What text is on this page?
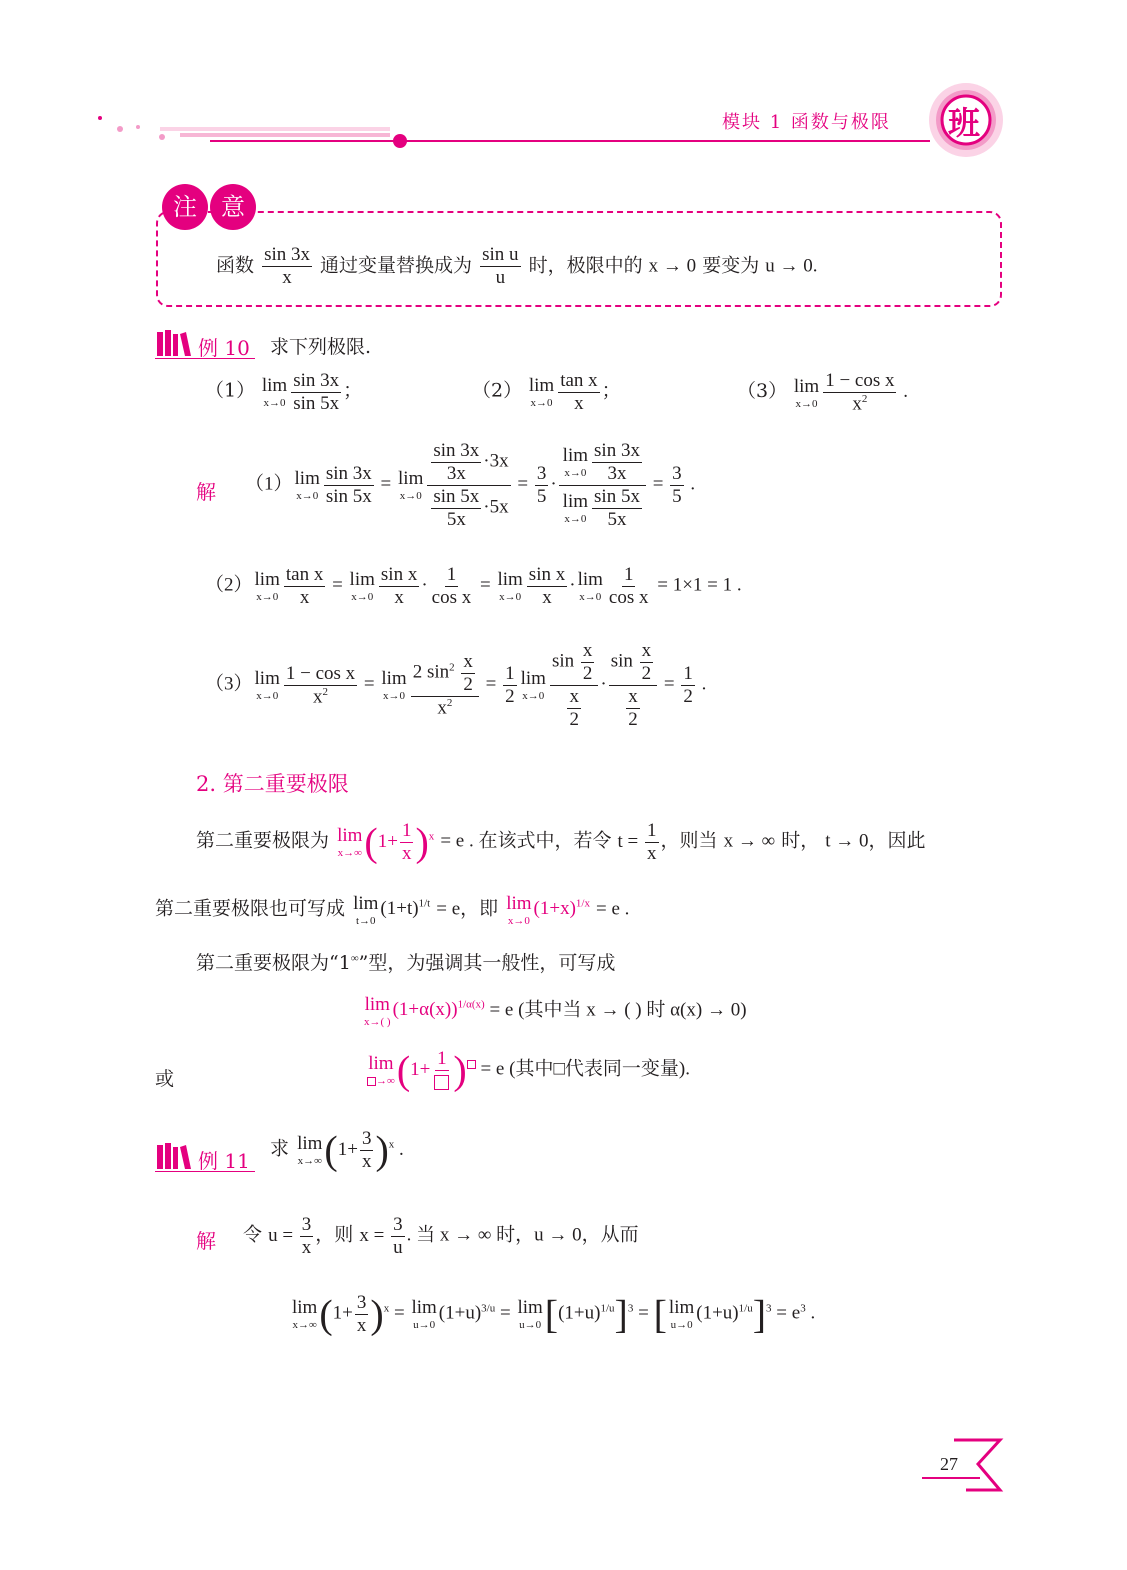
模块 1 函数与极限 班
注	意
函数 $\frac{\sin 3x}{x}$ 通过变量替换成为 $\frac{\text{sin u}}{u}$ 时，极限中的 x → 0 要变为 u → 0.
例 10 求下列极限.
（1） lim
$x\to 0 \frac{\sin 3x}{\sin 5x}$ ；	（2） lim
$x\to 0 \frac{\text{tan x}}{x}$ ；	（3） lim
$x\to 0 \frac{\text{1 − cos x}}{x^2}$ .
解 （1） lim
$x\to 0 \frac{\sin 3x}{\sin 5x} = \lim$
$x\to 0 \frac{\frac{\sin 3x}{3x} \cdot 3x}{\frac{\sin 5x}{5x} \cdot 5x} = \frac{3}{5} \cdot \lim$
$x\to 0 \frac{\sin 3x}{3x}$
lim
$x\to 0 \frac{\sin 5x}{5x} = \frac{3}{5}$ .
（2） lim
$x\to 0 \frac{\text{tan x}}{x} = \lim$
$x\to 0 \frac{\text{sin x}}{x} \cdot \frac{1}{\text{cos x}} = \lim$
$x\to 0 \frac{\text{sin x}}{x} \cdot \lim$
$x\to 0 \frac{1}{\text{cos x}} = 1\times 1 = 1$ .
（3） lim
$x\to 0 \frac{\text{1 − cos x}}{x^2} = \lim$
$x\to 0 \frac{2 \sin^2 \frac{x}{2}}{x^2} = \frac{1}{2}$ lim
$x\to 0 \frac{\sin \frac{x}{2}}{\frac{x}{2}} \cdot \frac{\sin \frac{x}{2}}{\frac{x}{2}} = \frac{1}{2}$ .
2. 第二重要极限
第二重要极限为 lim
x→∞ $(1+ \frac{1}{x} )^x = e$ . 在该式中，若令 $t = \frac{1}{x}$ ，则当 x → ∞ 时， t → 0，因此
第二重要极限也可写成 lim
t→0
$(1+t)^{1/t} = e$，即 lim
x→0
$(1+x)^{1/x} = e$ .
第二重要极限为“1∞”型，为强调其一般性，可写成
lim
x→( )
$(1+\alpha(x))^{1/\alpha(x)} = e$ (其中当 x → ( ) 时 α(x) → 0)
或
lim
→∞ (1+
1 ) = e (其中□代表同一变量).
例 11
求 lim
x→∞ $(1+ \frac{3}{x} )^x$ .
解 令 $u = \frac{3}{x}$ ，则 $x = \frac{3}{u}$ . 当 x → ∞ 时，u → 0，从而
lim
x→∞ $(1+ \frac{3}{x} )^x = \lim$
u→0
$(1+u)^{3/u} = \lim$
u→0 $[(1+u)^{1/u}]^3$ = [ lim
u→0
$(1+u)^{1/u}]^3 = e^3$ .
27
